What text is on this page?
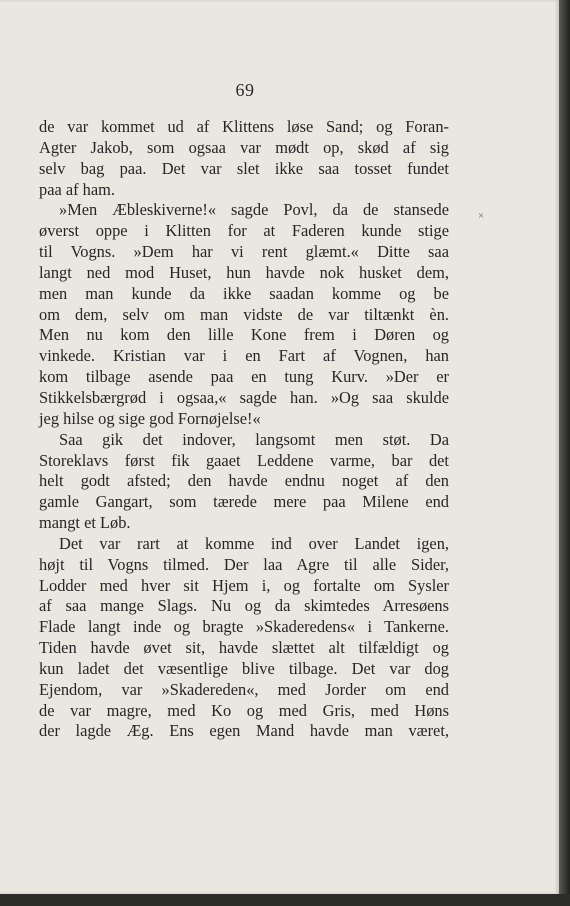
69
×
de var kommet ud af Klittens løse Sand; og Foran-
Agter Jakob, som ogsaa var mødt op, skød af sig
selv bag paa. Det var slet ikke saa tosset fundet
paa af ham.
»Men Æbleskiverne!« sagde Povl, da de stansede
øverst oppe i Klitten for at Faderen kunde stige
til Vogns. »Dem har vi rent glæmt.« Ditte saa
langt ned mod Huset, hun havde nok husket dem,
men man kunde da ikke saadan komme og be
om dem, selv om man vidste de var tiltænkt èn.
Men nu kom den lille Kone frem i Døren og
vinkede. Kristian var i en Fart af Vognen, han
kom tilbage asende paa en tung Kurv. »Der er
Stikkelsbærgrød i ogsaa,« sagde han. »Og saa skulde
jeg hilse og sige god Fornøjelse!«
Saa gik det indover, langsomt men støt. Da
Storeklavs først fik gaaet Leddene varme, bar det
helt godt afsted; den havde endnu noget af den
gamle Gangart, som tærede mere paa Milene end
mangt et Løb.
Det var rart at komme ind over Landet igen,
højt til Vogns tilmed. Der laa Agre til alle Sider,
Lodder med hver sit Hjem i, og fortalte om Sysler
af saa mange Slags. Nu og da skimtedes Arresøens
Flade langt inde og bragte »Skaderedens« i Tankerne.
Tiden havde øvet sit, havde slættet alt tilfældigt og
kun ladet det væsentlige blive tilbage. Det var dog
Ejendom, var »Skadereden«, med Jorder om end
de var magre, med Ko og med Gris, med Høns
der lagde Æg. Ens egen Mand havde man været,
